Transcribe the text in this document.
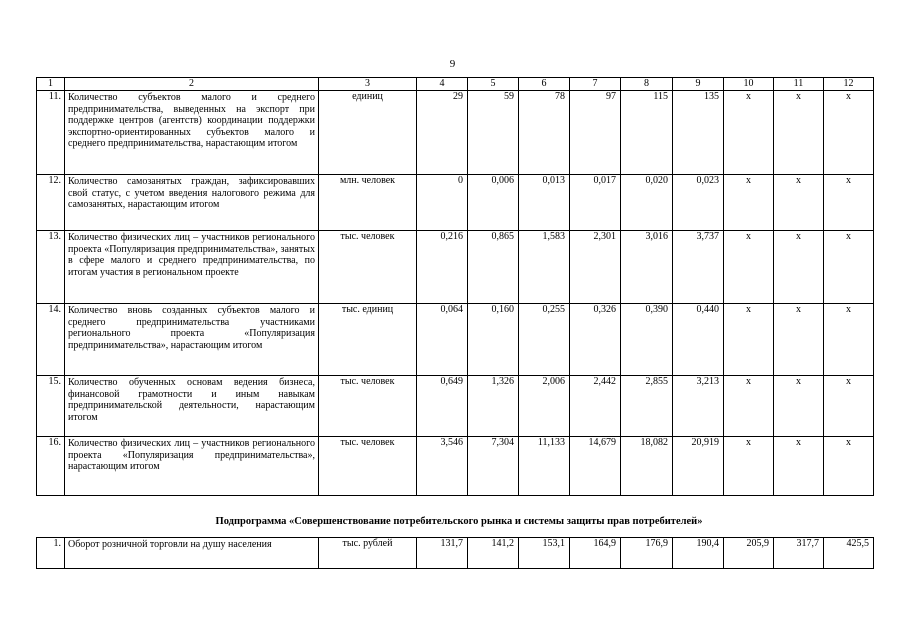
9
1	2	3	4	5	6	7	8	9	10	11	12
11.	Количество субъектов малого и среднего предпринимательства, выведенных на экспорт при поддержке центров (агентств) координации поддержки экспортно-ориентированных субъектов малого и среднего предпринимательства, нарастающим итогом	единиц	29	59	78	97	115	135	х	х	х
12.	Количество самозанятых граждан, зафиксировавших свой статус, с учетом введения налогового режима для самозанятых, нарастающим итогом	млн. человек	0	0,006	0,013	0,017	0,020	0,023	х	х	х
13.	Количество физических лиц – участников регионального проекта «Популяризация предпринимательства», занятых в сфере малого и среднего предпринимательства, по итогам участия в региональном проекте	тыс. человек	0,216	0,865	1,583	2,301	3,016	3,737	х	х	х
14.	Количество вновь созданных субъектов малого и среднего предпринимательства участниками регионального проекта «Популяризация предпринимательства», нарастающим итогом	тыс. единиц	0,064	0,160	0,255	0,326	0,390	0,440	х	х	х
15.	Количество обученных основам ведения бизнеса, финансовой грамотности и иным навыкам предпринимательской деятельности, нарастающим итогом	тыс. человек	0,649	1,326	2,006	2,442	2,855	3,213	х	х	х
16.	Количество физических лиц – участников регионального проекта «Популяризация предпринимательства», нарастающим итогом	тыс. человек	3,546	7,304	11,133	14,679	18,082	20,919	х	х	х
Подпрограмма «Совершенствование потребительского рынка и системы защиты прав потребителей»
1.	Оборот розничной торговли на душу населения	тыс. рублей	131,7	141,2	153,1	164,9	176,9	190,4	205,9	317,7	425,5
